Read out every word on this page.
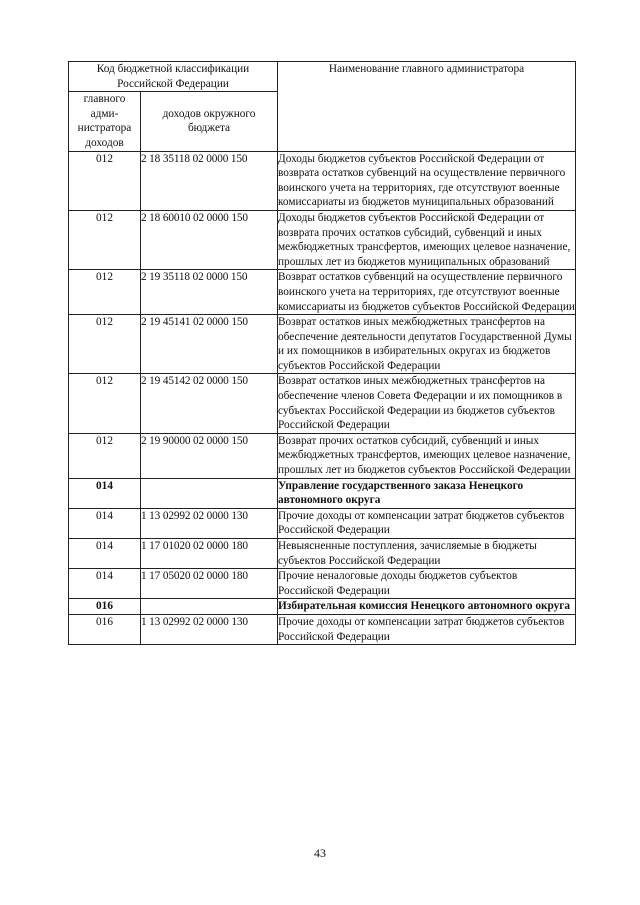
Код бюджетной классификации Российской Федерации		Наименование главного администратора
главного адми-нистратора доходов	доходов окружного бюджета	
012	2 18 35118 02 0000 150	Доходы бюджетов субъектов Российской Федерации от возврата остатков субвенций на осуществление первичного воинского учета на территориях, где отсутствуют военные комиссариаты из бюджетов муниципальных образований
012	2 18 60010 02 0000 150	Доходы бюджетов субъектов Российской Федерации от возврата прочих остатков субсидий, субвенций и иных межбюджетных трансфертов, имеющих целевое назначение, прошлых лет из бюджетов муниципальных образований
012	2 19 35118 02 0000 150	Возврат остатков субвенций на осуществление первичного воинского учета на территориях, где отсутствуют военные комиссариаты из бюджетов субъектов Российской Федерации
012	2 19 45141 02 0000 150	Возврат остатков иных межбюджетных трансфертов на обеспечение деятельности депутатов Государственной Думы и их помощников в избирательных округах из бюджетов субъектов Российской Федерации
012	2 19 45142 02 0000 150	Возврат остатков иных межбюджетных трансфертов на обеспечение членов Совета Федерации и их помощников в субъектах Российской Федерации из бюджетов субъектов Российской Федерации
012	2 19 90000 02 0000 150	Возврат прочих остатков субсидий, субвенций и иных межбюджетных трансфертов, имеющих целевое назначение, прошлых лет из бюджетов субъектов Российской Федерации
014		Управление государственного заказа Ненецкого автономного округа
014	1 13 02992 02 0000 130	Прочие доходы от компенсации затрат бюджетов субъектов Российской Федерации
014	1 17 01020 02 0000 180	Невыясненные поступления, зачисляемые в бюджеты субъектов Российской Федерации
014	1 17 05020 02 0000 180	Прочие неналоговые доходы бюджетов субъектов Российской Федерации
016		Избирательная комиссия Ненецкого автономного округа
016	1 13 02992 02 0000 130	Прочие доходы от компенсации затрат бюджетов субъектов Российской Федерации
43
